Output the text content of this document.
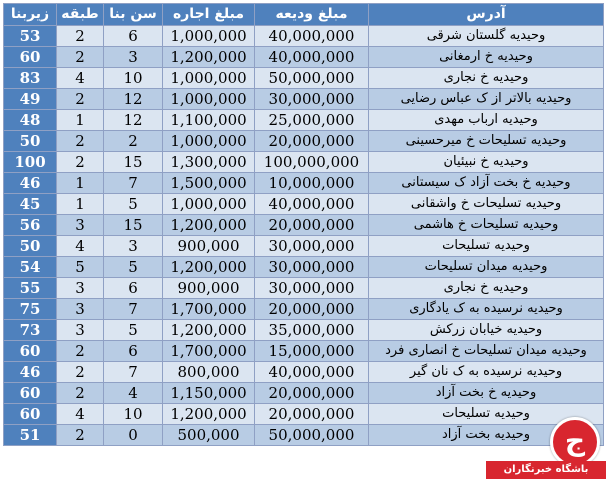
زیربنا	طبقه	سن بنا	مبلغ اجاره	مبلغ ودیعه	آدرس
53	2	6	1,000,000	40,000,000	وحیدیه گلستان شرقی
60	2	3	1,200,000	40,000,000	وحیدیه خ ارمغانی
83	4	10	1,000,000	50,000,000	وحیدیه خ نجاری
49	2	12	1,000,000	30,000,000	وحیدیه بالاتر از ک عباس رضایی
48	1	12	1,100,000	25,000,000	وحیدیه ارباب مهدی
50	2	2	1,000,000	20,000,000	وحیدیه تسلیحات خ میرحسینی
100	2	15	1,300,000	100,000,000	وحیدیه خ نبیئیان
46	1	7	1,500,000	10,000,000	وحیدیه خ بخت آزاد ک سیستانی
45	1	5	1,000,000	40,000,000	وحیدیه تسلیحات خ واشقانی
56	3	15	1,200,000	20,000,000	وحیدیه تسلیحات خ هاشمی
50	4	3	900,000	30,000,000	وحیدیه تسلیحات
54	5	5	1,200,000	30,000,000	وحیدیه میدان تسلیحات
55	3	6	900,000	30,000,000	وحیدیه خ نجاری
75	3	7	1,700,000	20,000,000	وحیدیه نرسیده به ک یادگاری
73	3	5	1,200,000	35,000,000	وحیدیه خیابان زرکش
60	2	6	1,700,000	15,000,000	وحیدیه میدان تسلیحات خ انصاری فرد
46	2	7	800,000	40,000,000	وحیدیه نرسیده به ک نان گیر
60	2	4	1,150,000	20,000,000	وحیدیه خ بخت آزاد
60	4	10	1,200,000	20,000,000	وحیدیه تسلیحات
51	2	0	500,000	50,000,000	وحیدیه بخت آزاد	ج
باشگاه خبرنگاران
